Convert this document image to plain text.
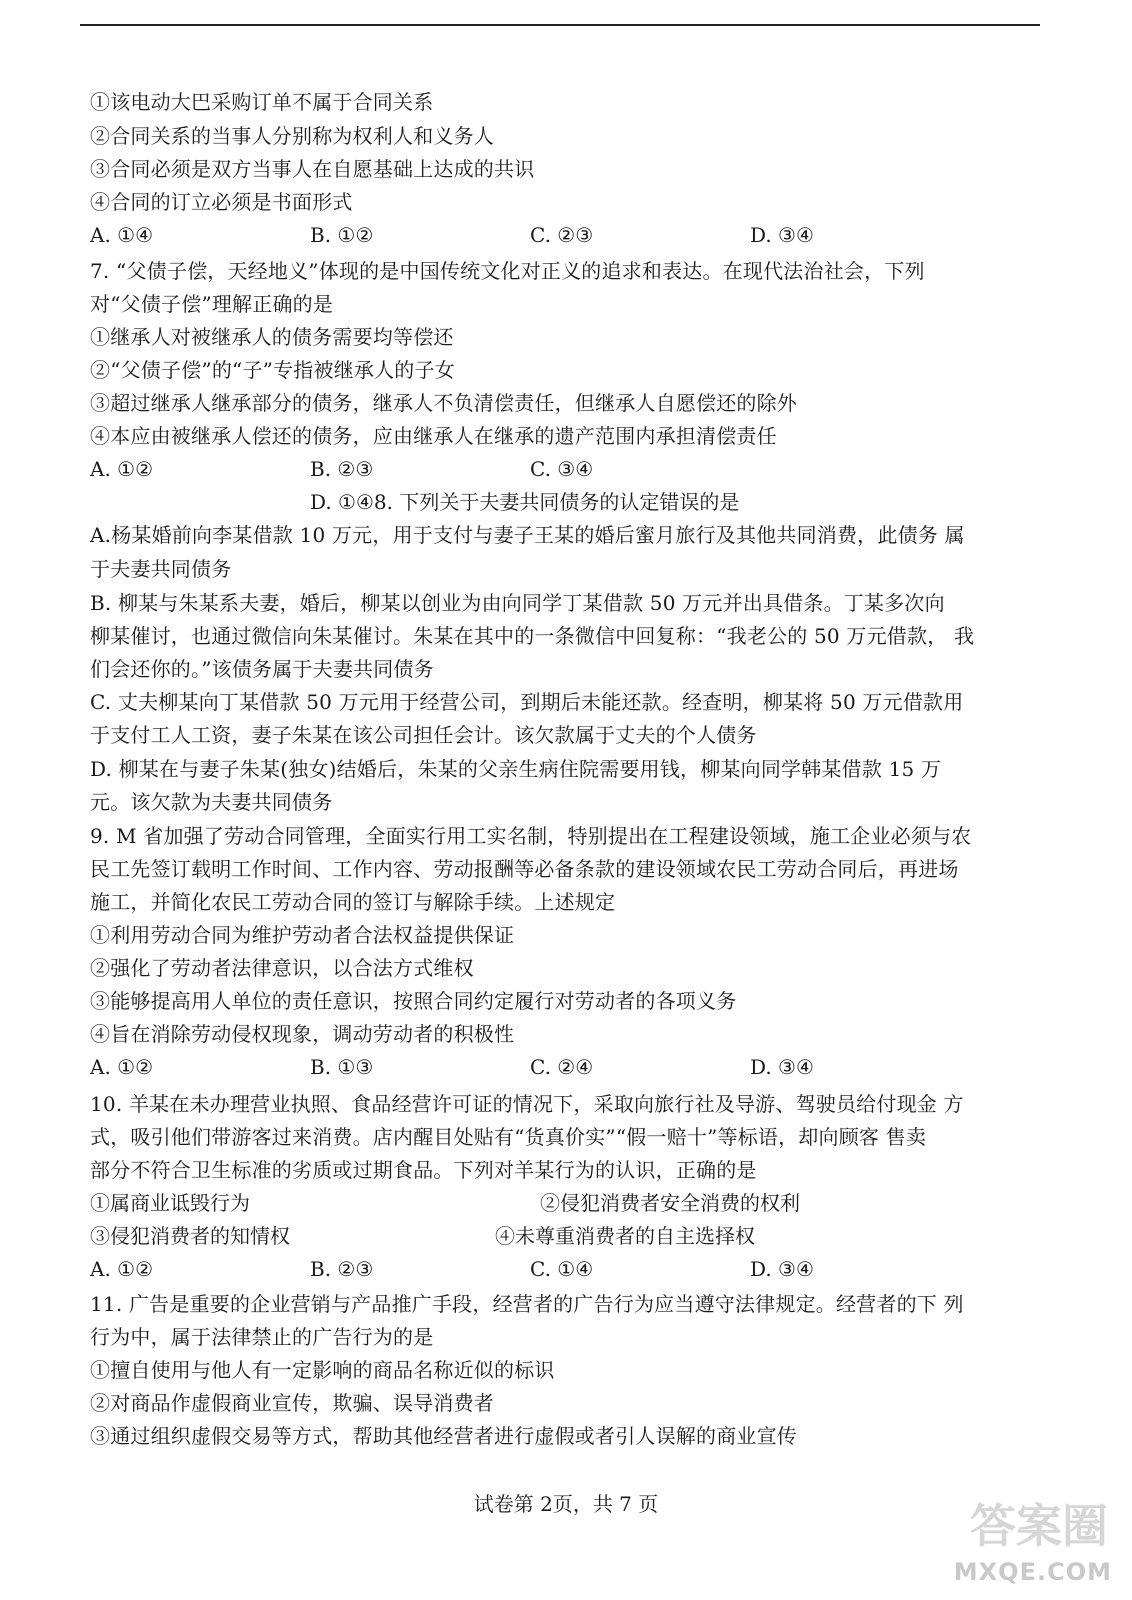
①该电动大巴采购订单不属于合同关系
②合同关系的当事人分别称为权利人和义务人
③合同必须是双方当事人在自愿基础上达成的共识
④合同的订立必须是书面形式
A. ①④	B. ①②	C. ②③	D. ③④
7. “父债子偿，天经地义”体现的是中国传统文化对正义的追求和表达。在现代法治社会，下列
对“父债子偿”理解正确的是
①继承人对被继承人的债务需要均等偿还
②“父债子偿”的“子”专指被继承人的子女
③超过继承人继承部分的债务，继承人不负清偿责任，但继承人自愿偿还的除外
④本应由被继承人偿还的债务，应由继承人在继承的遗产范围内承担清偿责任
A. ①②	B. ②③	C. ③④
D. ①④8. 下列关于夫妻共同债务的认定错误的是
A.杨某婚前向李某借款 10 万元，用于支付与妻子王某的婚后蜜月旅行及其他共同消费，此债务 属
于夫妻共同债务
B. 柳某与朱某系夫妻，婚后，柳某以创业为由向同学丁某借款 50 万元并出具借条。丁某多次向
柳某催讨，也通过微信向朱某催讨。朱某在其中的一条微信中回复称：“我老公的 50 万元借款， 我
们会还你的。”该债务属于夫妻共同债务
C. 丈夫柳某向丁某借款 50 万元用于经营公司，到期后未能还款。经查明，柳某将 50 万元借款用
于支付工人工资，妻子朱某在该公司担任会计。该欠款属于丈夫的个人债务
D. 柳某在与妻子朱某(独女)结婚后，朱某的父亲生病住院需要用钱，柳某向同学韩某借款 15 万
元。该欠款为夫妻共同债务
9. M 省加强了劳动合同管理，全面实行用工实名制，特别提出在工程建设领域，施工企业必须与农
民工先签订载明工作时间、工作内容、劳动报酬等必备条款的建设领域农民工劳动合同后，再进场
施工，并简化农民工劳动合同的签订与解除手续。上述规定
①利用劳动合同为维护劳动者合法权益提供保证
②强化了劳动者法律意识，以合法方式维权
③能够提高用人单位的责任意识，按照合同约定履行对劳动者的各项义务
④旨在消除劳动侵权现象，调动劳动者的积极性
A. ①②	B. ①③	C. ②④	D. ③④
10. 羊某在未办理营业执照、食品经营许可证的情况下，采取向旅行社及导游、驾驶员给付现金 方
式，吸引他们带游客过来消费。店内醒目处贴有“货真价实”“假一赔十”等标语，却向顾客 售卖
部分不符合卫生标准的劣质或过期食品。下列对羊某行为的认识，正确的是
①属商业诋毁行为	②侵犯消费者安全消费的权利
③侵犯消费者的知情权	④未尊重消费者的自主选择权
A. ①②	B. ②③	C. ①④	D. ③④
11. 广告是重要的企业营销与产品推广手段，经营者的广告行为应当遵守法律规定。经营者的下 列
行为中，属于法律禁止的广告行为的是
①擅自使用与他人有一定影响的商品名称近似的标识
②对商品作虚假商业宣传，欺骗、误导消费者
③通过组织虚假交易等方式，帮助其他经营者进行虚假或者引人误解的商业宣传
试卷第 2页，共 7 页	答案圈
MXQE.COM
